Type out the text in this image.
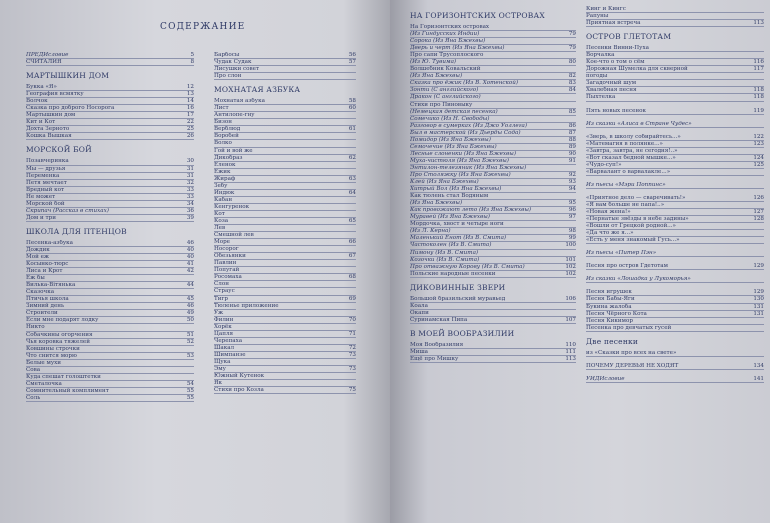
СОДЕРЖАНИЕ
ПРЕДИсловие	5
СЧИТАЛИЯ	8
МАРТЫШКИН ДОМ
Букка «Я»	12
География всмятку	13
Волчок	14
Сказка про доброго Носорога	16
Мартышкин дом	17
Кит и Кот	22
Дохта Зерното	25
Кошка Вышкая	26
МОРСКОЙ БОЙ
Позавчеринка	30
Мы — друзья	31
Переменка	31
Петя мечтает	32
Вредный кот	33
Не может	33
Морской бой	34
Скрипач (Рассказ в стихах)	36
Дом и три	39
ШКОЛА ДЛЯ ПТЕНЦОВ
Песенка-азбука	46
Дождик	40
Мой еж	40
Косынко-тюрс	41
Лиса и Крот	42
Еж бы
Вилька-Вітянька	44
Сказочка
Птичья школа	45
Зимний день	46
Строители	49
Если мне подарят лодку	50
Никто
Собачкины огорчения	51
Чья коровка тяжелей	52
Ковшины строчки
Что снится морю	53
Белые мухи
Сова
Куда спешат голоштетки
Сметалочка	54
Сомнительный комплимент	55
Соль	55
Барбосы	56
Чудак Судак	57
Лисушки совет
Про слон
МОХНАТАЯ АЗБУКА
Мохнатая азбука	58
Лист	60
Антилопе-гну
Бизон
Верблюд	61
Воробей
Волко
Гой и вой же
Дикобраз	62
Еленок
Ежик
Жираф	63
Зебу
Индюк	64
Кабан
Кенгуренок
Кот
Коза	65
Лев
Смешной лев
Море	66
Носорог
Обезьянки	67
Павлин
Попугай
Росомаха	68
Слон
Страус
Тигр	69
Тюленье приложение
Уж
Филин	70
Хорёк
Цапля	71
Черепаха
Шакал	72
Шимпанзе	73
Щука
Эму	73
Южный Кутенок
Як
Стихи про Козла	75
НА ГОРИЗОНТСКИХ ОСТРОВАХ
На Горизонтских островах
(Из Гиндусских Индии)	79
Сорока (Из Яна Бжехвы)
Дверь и черт (Из Яна Бжехвы)	79
Про сапи Трусоплоского
(Из Ю. Тувима)	80
Волшебник Ковальский
(Из Яна Бжехвы)	82
Сказка про ёжик (Из В. Хотенской)	83
Зонти (С английского)	84
Дракон (С английского)
Стихи про Пиновыку
(Немецкая детская песенка)	85
Сомечико (Из Н. Свободы)
Разговор в сумерках (Из Джо Уоллега)	86
Был в мастерской (Из Дьерды Сода)	87
Помидор (Из Яна Бжехвы)	88
Семочечие (Из Яна Бжехвы)	89
Лесные слоненки (Из Яна Бжехвы)	90
Муха-чистюля (Из Яна Бжехвы)	91
Энтилон-телезяник (Из Яна Бжехвы)
Про Столяжку (Из Яна Бжехвы)	92
Клей (Из Яна Бжехвы)	93
Хитрый Вол (Из Яна Бжехвы)	94
Как тюлень стал Водяным
(Из Яна Бжехвы)	95
Как провожают лето (Из Яна Бжехвы)	96
Муравей (Из Яна Бжехвы)	97
Мордочка, хвост и четыре ноги
(Из Л. Керна)	98
Маленький Енот (Из В. Смита)	99
Частоколен (Из В. Смита)	100
Пимону (Из В. Смита)
Козочки (Из В. Смита)	101
Про отважную Корову (Из В. Смита)	102
Польские народные песенки	102
ДИКОВИННЫЕ ЗВЕРИ
Большой бразильский муравьед	106
Коала
Окапи
Суринамская Пипа	107
В МОЕЙ ВООБРАЗИЛИИ
Моя Вообразилия	110
Миша	111
Ещё про Мишку	113
Кинг и Кингс
Рапуны
Приятная встреча	113
ОСТРОВ ГЛЕТОТАМ
Песенки Винни-Пуха
Ворчалка
Кое-что о том о сём	116
Дорожная Шумелка для скверной	117
погоды
Загадочный шум
Хвалебная песня	118
Пыхтелка	118
Пять новых песенок	119
Из сказки «Алиса в Стране Чудес»
«Зверь, в школу собирайтесь...»	122
«Матемагия в полянке...»	123
«Завтра, завтра, не сегодня!..»
«Вот сказал бедной мышке...»	124
«Чудо-суп!»	125
«Варвалант о варвалакле...»
Из пьесы «Мэри Поппинс»
«Приятное дело — сваречивать!»	126
«Я вам больше не папа!..»
«Новая жена!»	127
«Пернатые звёзды в небе задины»	128
«Вошли от Грецкой родной...»
«Да что же я...»
«Есть у меня знакомый Гусь...»
Из пьесы «Питер Пэн»
Песня про остров Гдетотам	129
Из сказки «Лошадка у Лукоморья»
Песня игрушек	129
Песня Бабы-Яги	130
Букина жалоба	131
Песня Чёрного Кота	131
Песня Кикимор
Песенка про девчатых гусей
Две песенки
из «Сказки про всех на свете»
ПОЧЕМУ ДЕРЕВЬЯ НЕ ХОДЯТ	134
УЙДИсловие	141
